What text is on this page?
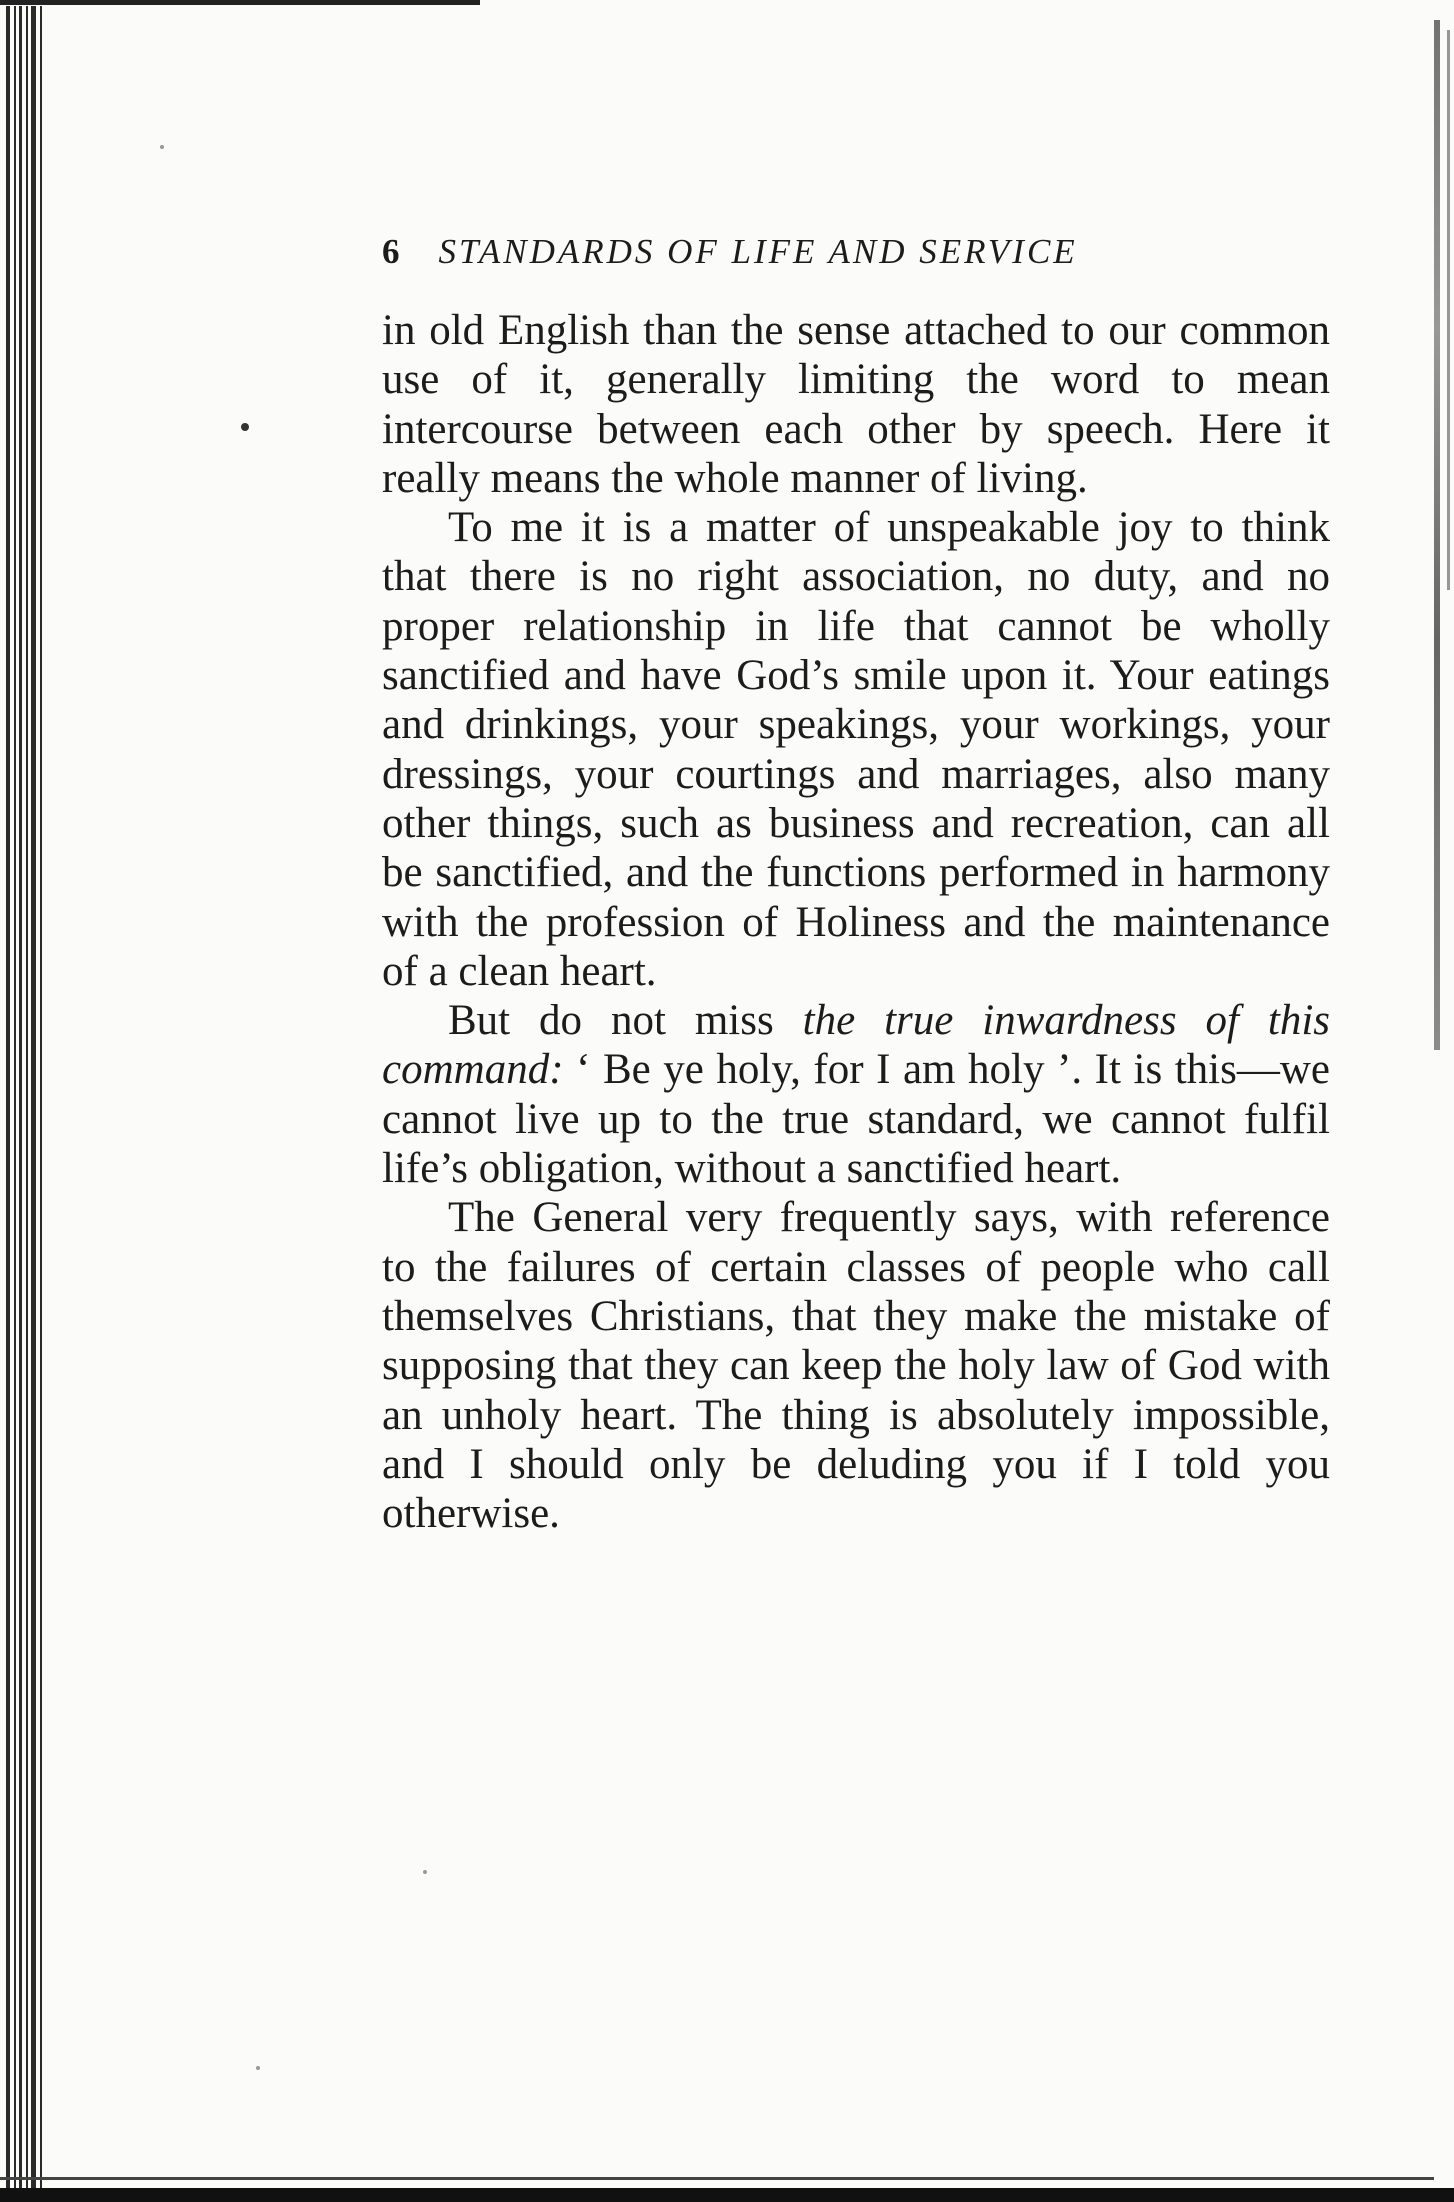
6 STANDARDS OF LIFE AND SERVICE

in old English than the sense attached to our common use of it, generally limiting the word to mean intercourse between each other by speech. Here it really means the whole manner of living.

To me it is a matter of unspeakable joy to think that there is no right association, no duty, and no proper relationship in life that cannot be wholly sanctified and have God’s smile upon it. Your eatings and drinkings, your speakings, your workings, your dressings, your courtings and marriages, also many other things, such as business and recreation, can all be sanctified, and the functions performed in harmony with the profession of Holiness and the maintenance of a clean heart.

But do not miss the true inwardness of this command: ‘ Be ye holy, for I am holy ’. It is this—we cannot live up to the true standard, we cannot fulfil life’s obligation, without a sanctified heart.

The General very frequently says, with reference to the failures of certain classes of people who call themselves Christians, that they make the mistake of supposing that they can keep the holy law of God with an unholy heart. The thing is absolutely impossible, and I should only be deluding you if I told you otherwise.
